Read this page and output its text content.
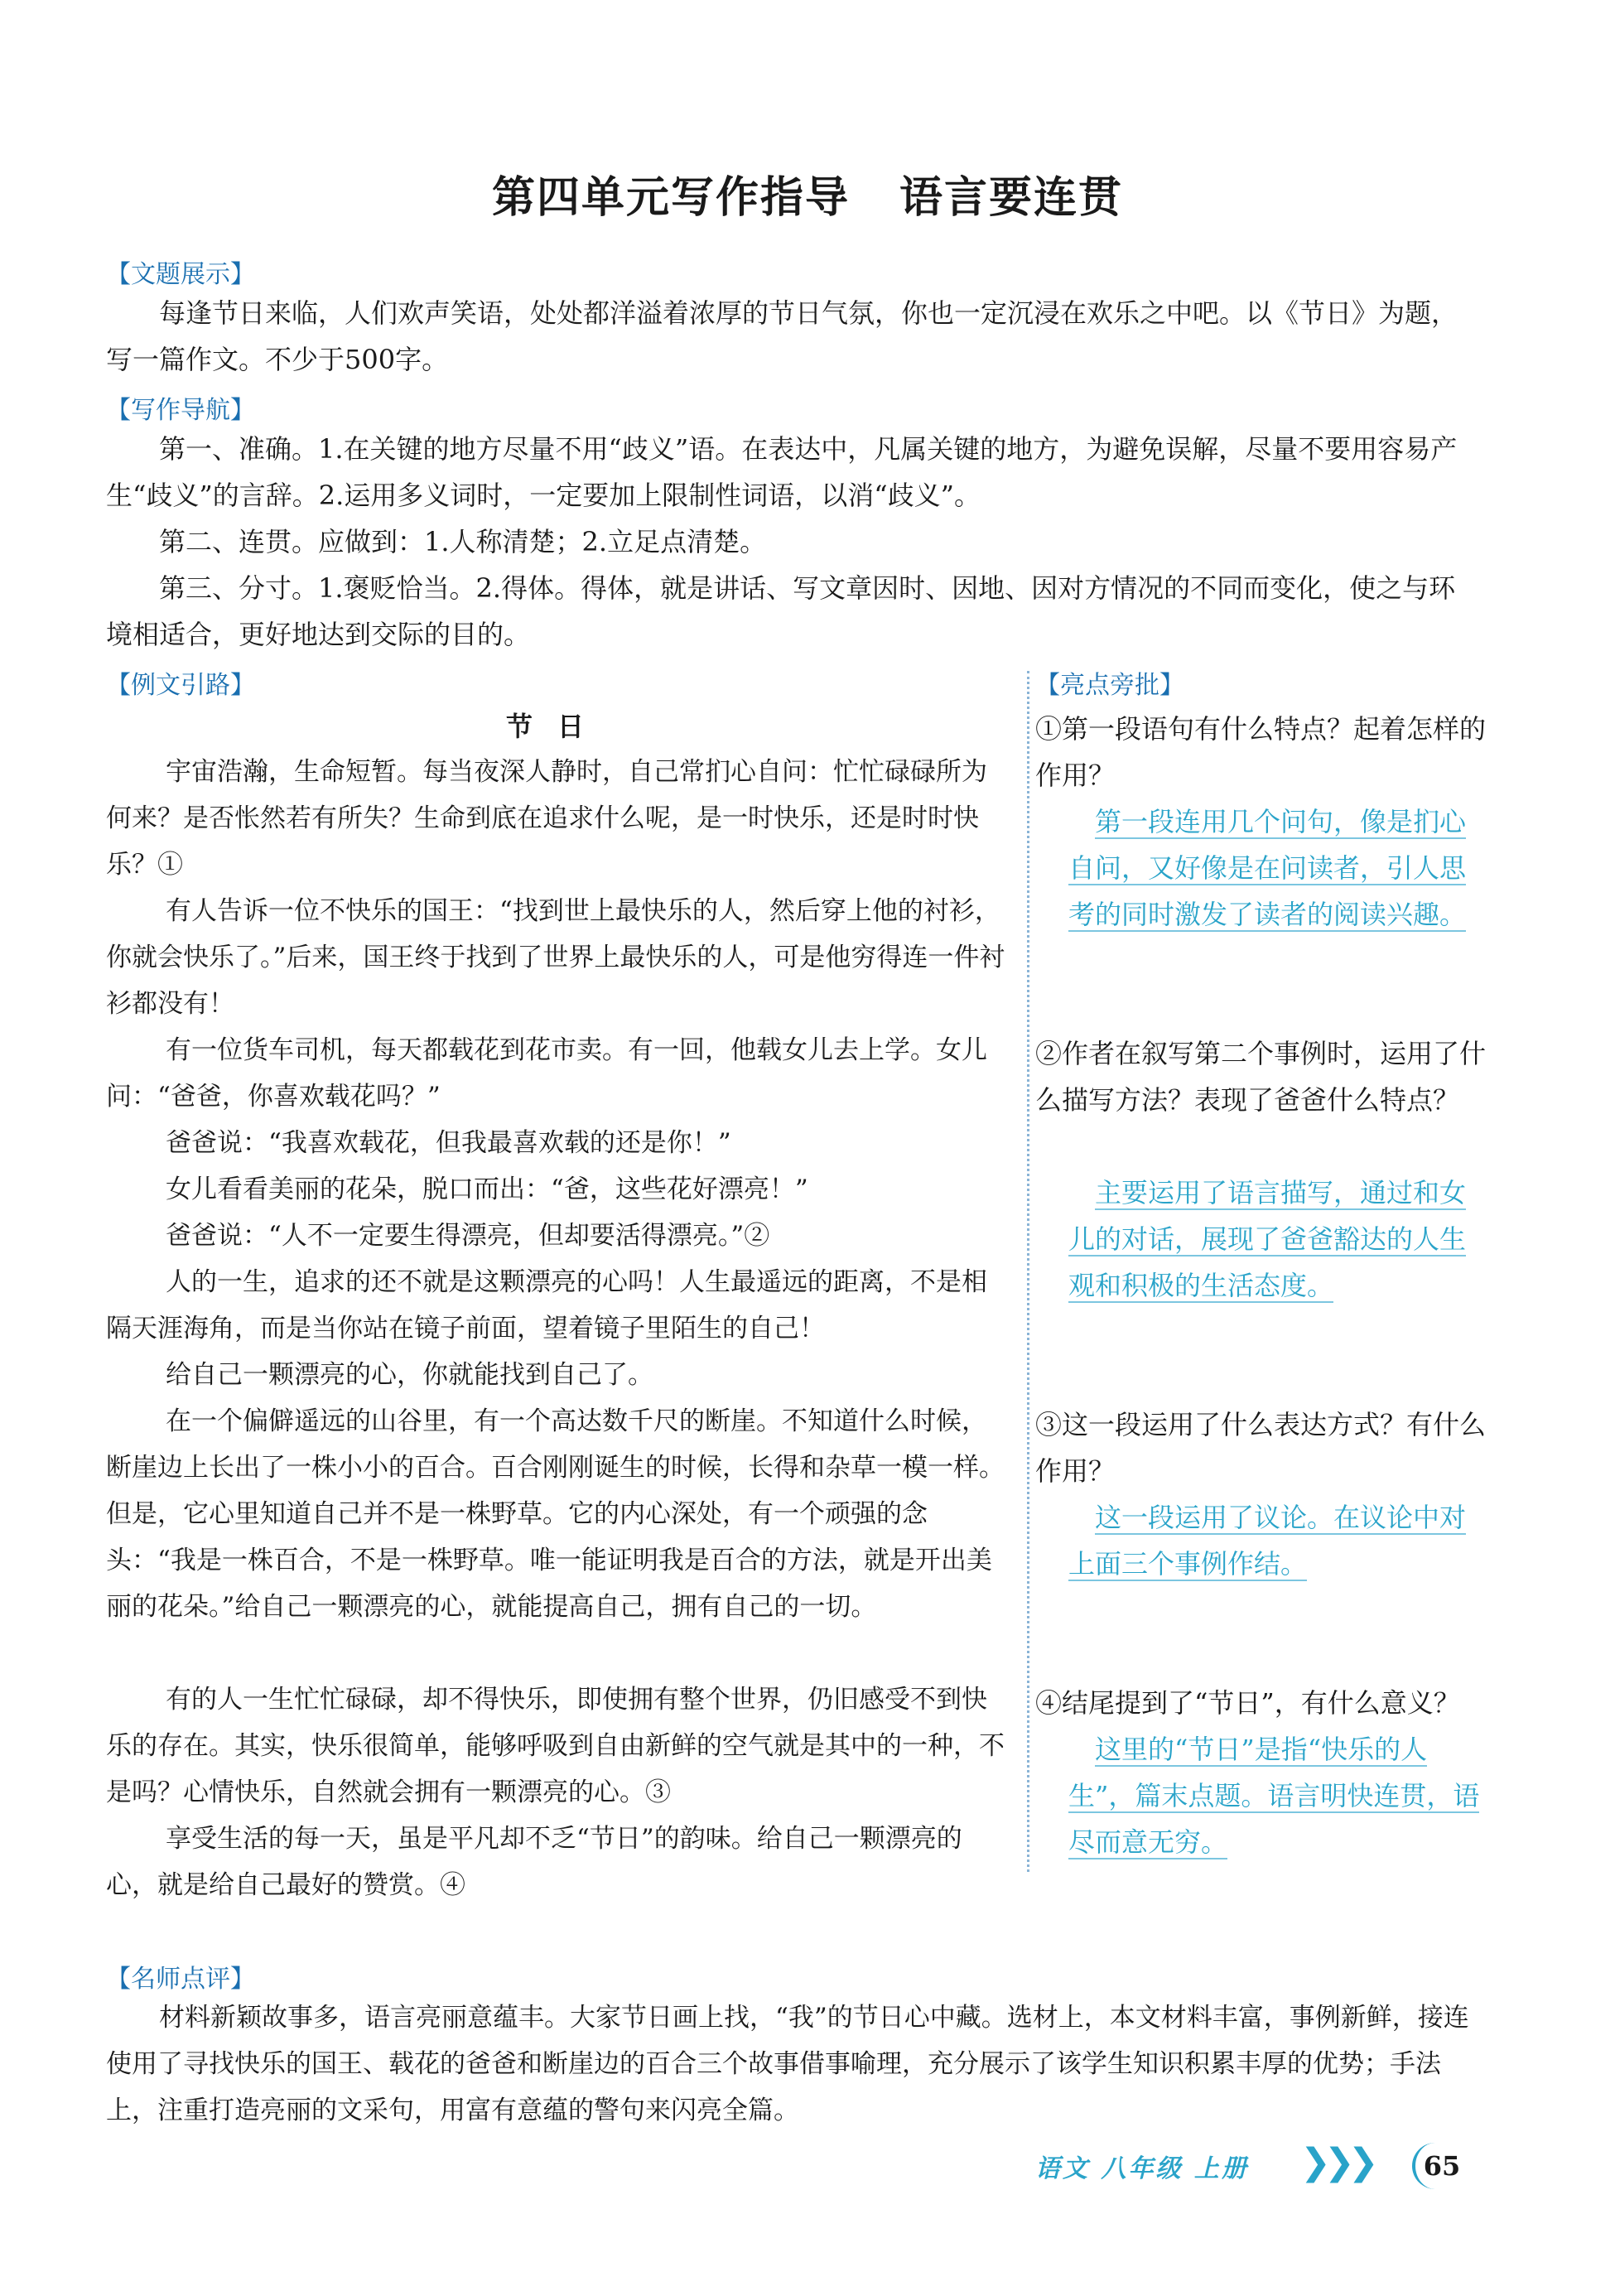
第四单元写作指导 语言要连贯
【文题展示】

每逢节日来临，人们欢声笑语，处处都洋溢着浓厚的节日气氛，你也一定沉浸在欢乐之中吧。以《节日》为题，写一篇作文。不少于500字。

【写作导航】

第一、准确。1.在关键的地方尽量不用“歧义”语。在表达中，凡属关键的地方，为避免误解，尽量不要用容易产生“歧义”的言辞。2.运用多义词时，一定要加上限制性词语，以消“歧义”。

第二、连贯。应做到：1.人称清楚；2.立足点清楚。

第三、分寸。1.褒贬恰当。2.得体。得体，就是讲话、写文章因时、因地、因对方情况的不同而变化，使之与环境相适合，更好地达到交际的目的。

【例文引路】
节日

宇宙浩瀚，生命短暂。每当夜深人静时，自己常扪心自问：忙忙碌碌所为何来？是否怅然若有所失？生命到底在追求什么呢，是一时快乐，还是时时快乐？①

有人告诉一位不快乐的国王：“找到世上最快乐的人，然后穿上他的衬衫，你就会快乐了。”后来，国王终于找到了世界上最快乐的人，可是他穷得连一件衬衫都没有！

有一位货车司机，每天都载花到花市卖。有一回，他载女儿去上学。女儿问：“爸爸，你喜欢载花吗？”

爸爸说：“我喜欢载花，但我最喜欢载的还是你！”

女儿看看美丽的花朵，脱口而出：“爸，这些花好漂亮！”

爸爸说：“人不一定要生得漂亮，但却要活得漂亮。”②

人的一生，追求的还不就是这颗漂亮的心吗！人生最遥远的距离，不是相隔天涯海角，而是当你站在镜子前面，望着镜子里陌生的自己！

给自己一颗漂亮的心，你就能找到自己了。

在一个偏僻遥远的山谷里，有一个高达数千尺的断崖。不知道什么时候，断崖边上长出了一株小小的百合。百合刚刚诞生的时候，长得和杂草一模一样。但是，它心里知道自己并不是一株野草。它的内心深处，有一个顽强的念头：“我是一株百合，不是一株野草。唯一能证明我是百合的方法，就是开出美丽的花朵。”给自己一颗漂亮的心，就能提高自己，拥有自己的一切。

有的人一生忙忙碌碌，却不得快乐，即使拥有整个世界，仍旧感受不到快乐的存在。其实，快乐很简单，能够呼吸到自由新鲜的空气就是其中的一种，不是吗？心情快乐，自然就会拥有一颗漂亮的心。③

享受生活的每一天，虽是平凡却不乏“节日”的韵味。给自己一颗漂亮的心，就是给自己最好的赞赏。④

【亮点旁批】

①第一段语句有什么特点？起着怎样的作用？

第一段连用几个问句，像是扪心自问，又好像是在问读者，引人思考的同时激发了读者的阅读兴趣。

②作者在叙写第二个事例时，运用了什么描写方法？表现了爸爸什么特点？

主要运用了语言描写，通过和女儿的对话，展现了爸爸豁达的人生观和积极的生活态度。

③这一段运用了什么表达方式？有什么作用？

这一段运用了议论。在议论中对上面三个事例作结。

④结尾提到了“节日”，有什么意义？

这里的“节日”是指“快乐的人生”，篇末点题。语言明快连贯，语尽而意无穷。

【名师点评】

材料新颖故事多，语言亮丽意蕴丰。大家节日画上找，“我”的节日心中藏。选材上，本文材料丰富，事例新鲜，接连使用了寻找快乐的国王、载花的爸爸和断崖边的百合三个故事借事喻理，充分展示了该学生知识积累丰厚的优势；手法上，注重打造亮丽的文采句，用富有意蕴的警句来闪亮全篇。

语文 八年级 上册 ❯❯❯	65
